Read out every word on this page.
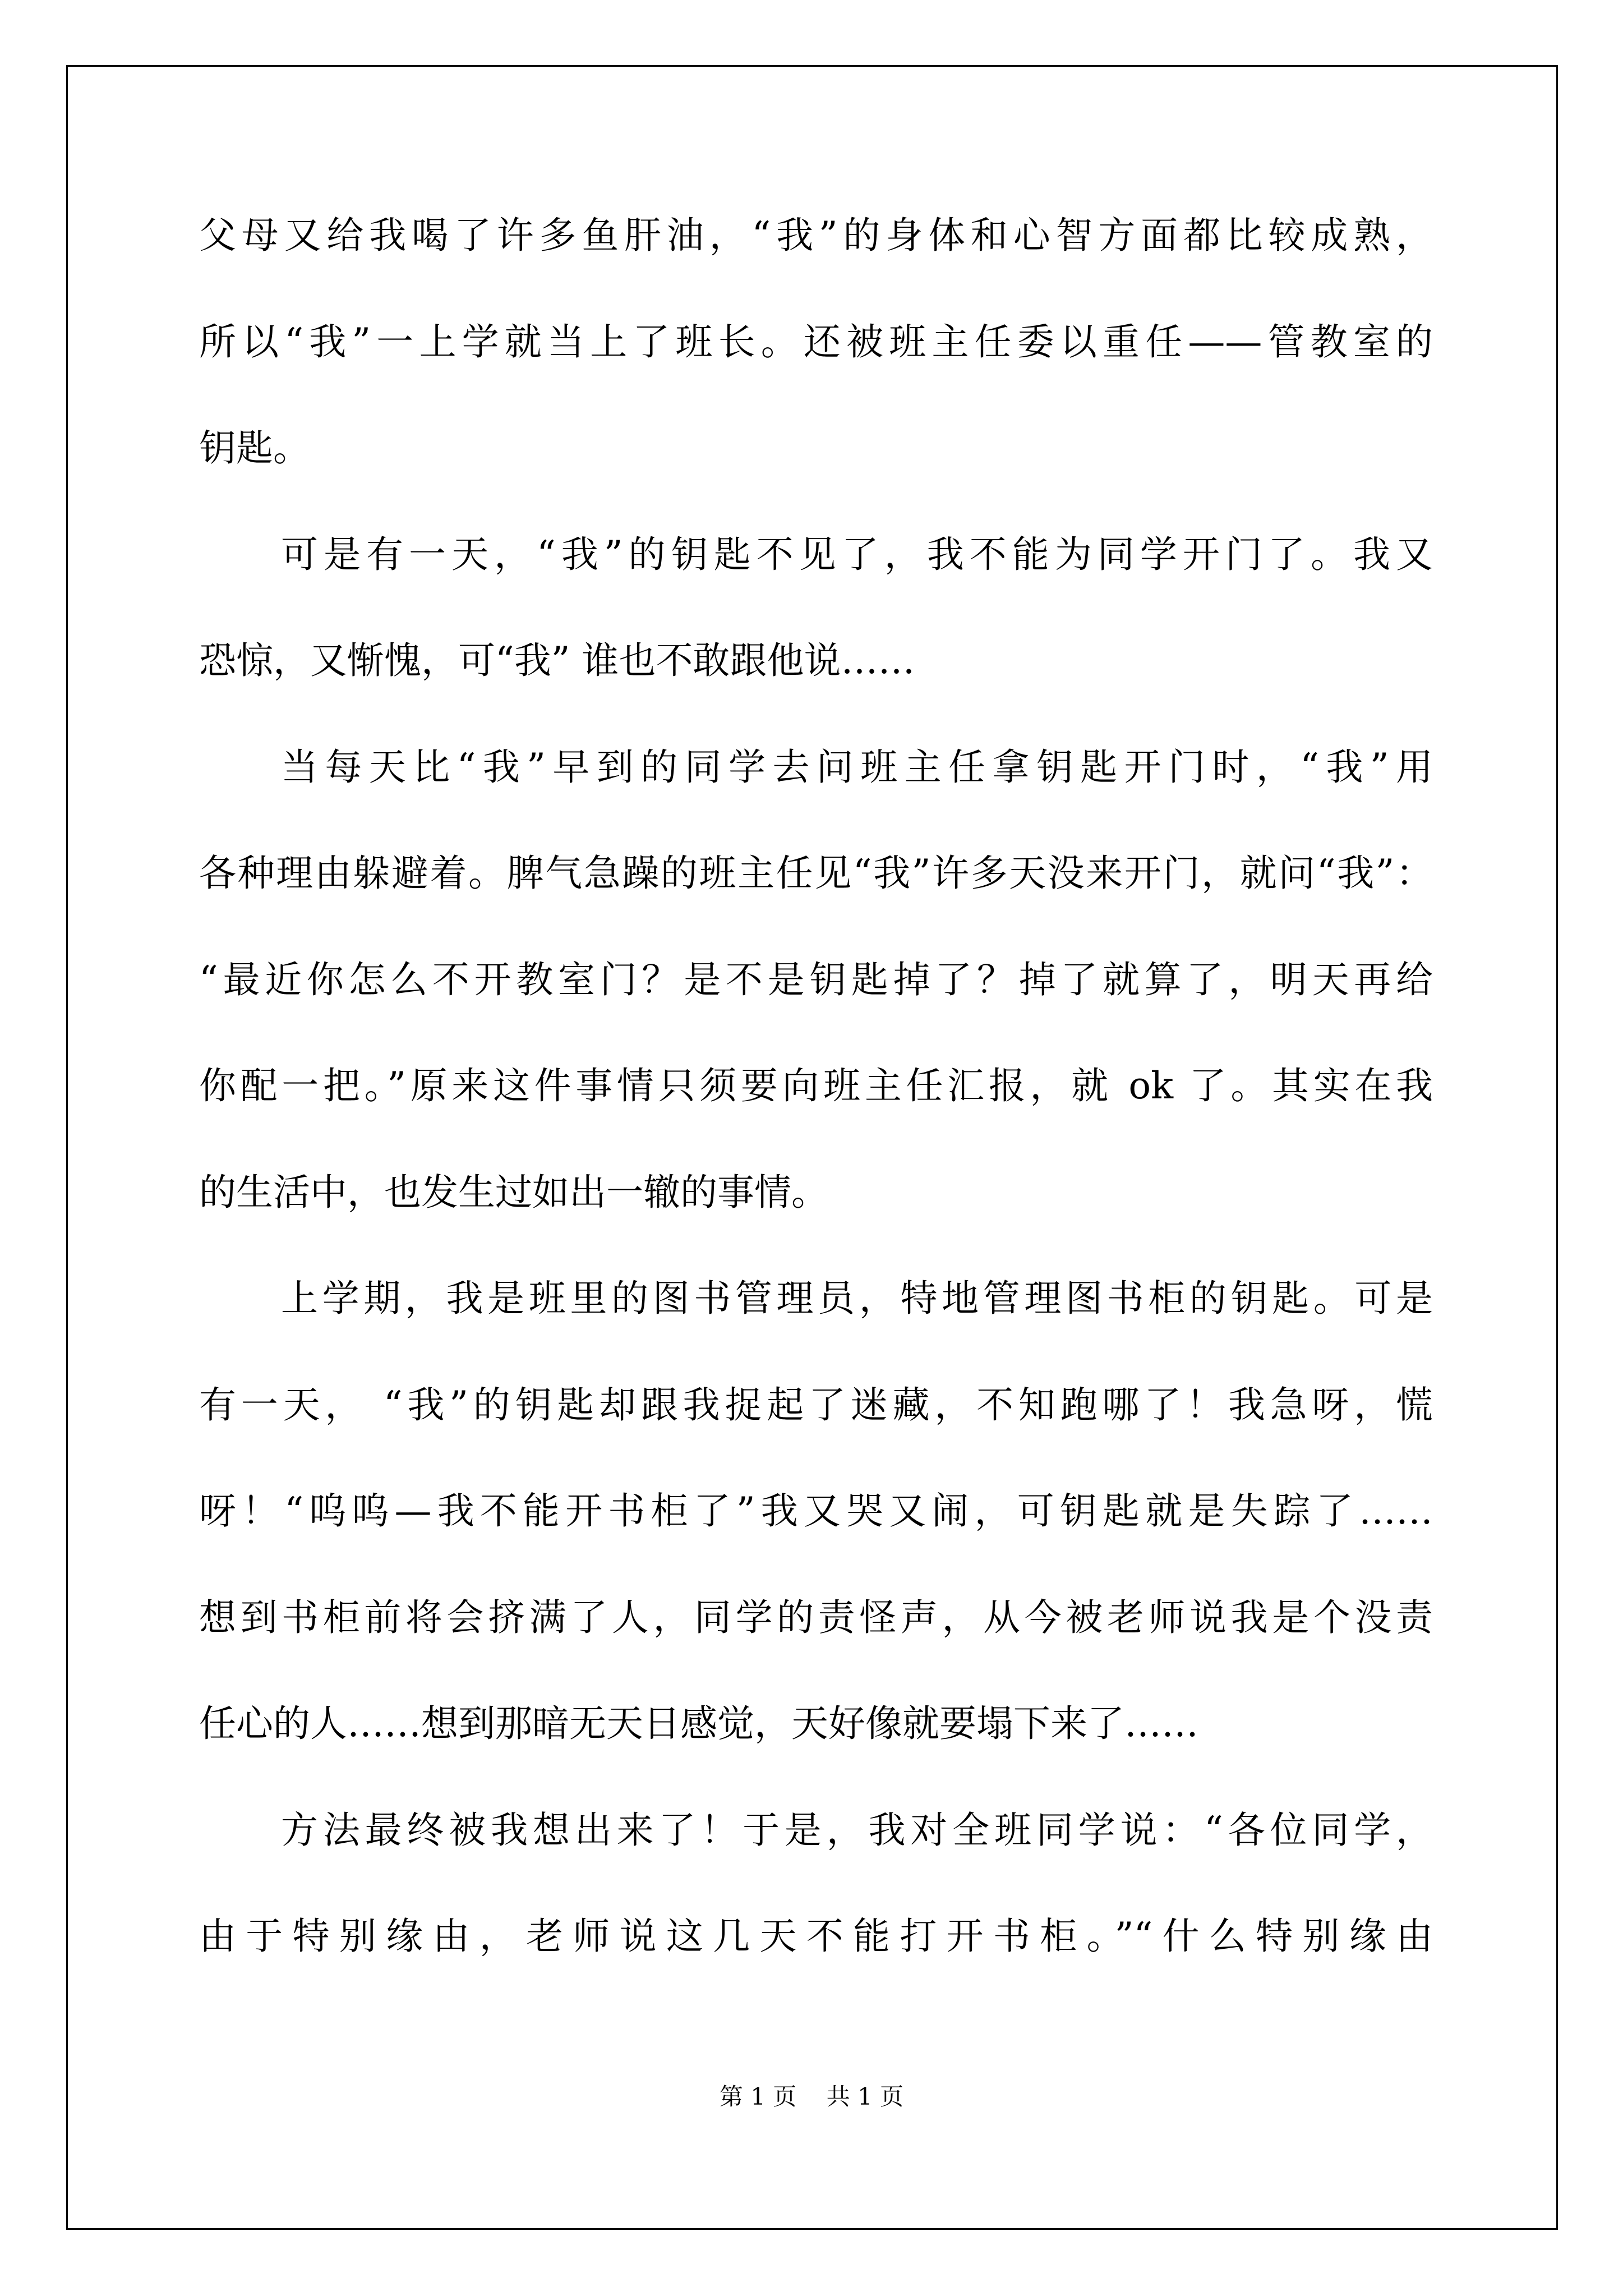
父母又给我喝了许多鱼肝油，“我”的身体和心智方面都比较成熟，
所以“我”一上学就当上了班长。还被班主任委以重任——管教室的
钥匙。
可是有一天，“我”的钥匙不见了，我不能为同学开门了。我又
恐惊，又惭愧，可“我” 谁也不敢跟他说……
当每天比“我”早到的同学去问班主任拿钥匙开门时，“我”用
各种理由躲避着。脾气急躁的班主任见“我”许多天没来开门，就问“我”：
“最近你怎么不开教室门？是不是钥匙掉了？掉了就算了，明天再给
你配一把。”原来这件事情只须要向班主任汇报，就 ok 了。其实在我
的生活中，也发生过如出一辙的事情。
上学期，我是班里的图书管理员，特地管理图书柜的钥匙。可是
有一天， “我”的钥匙却跟我捉起了迷藏，不知跑哪了！我急呀，慌
呀！“呜呜—我不能开书柜了”我又哭又闹，可钥匙就是失踪了……
想到书柜前将会挤满了人，同学的责怪声，从今被老师说我是个没责
任心的人……想到那暗无天日感觉，天好像就要塌下来了……
方法最终被我想出来了！于是，我对全班同学说：“各位同学，
由于特别缘由，老师说这几天不能打开书柜。”“什么特别缘由
第 1 页    共 1 页
